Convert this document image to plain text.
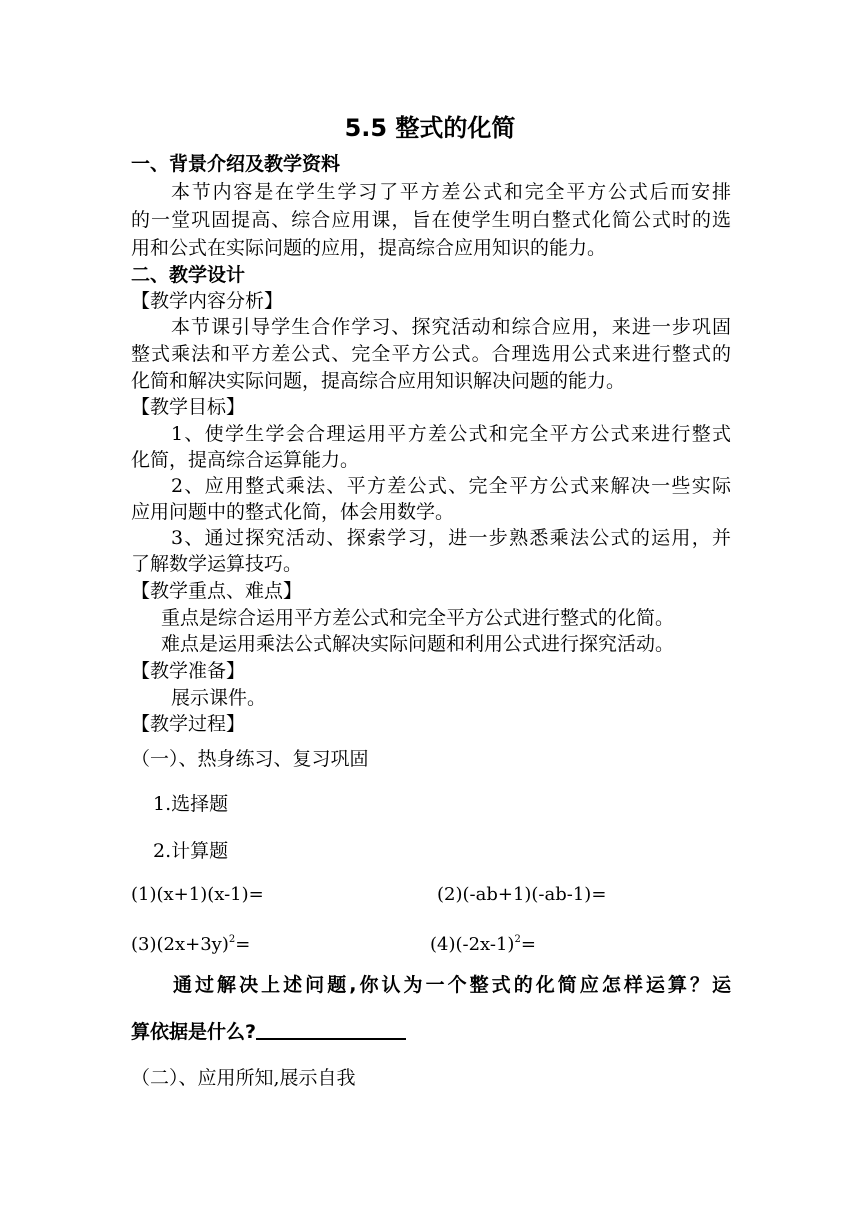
5.5 整式的化简
一、背景介绍及教学资料
本节内容是在学生学习了平方差公式和完全平方公式后而安排
的一堂巩固提高、综合应用课，旨在使学生明白整式化简公式时的选
用和公式在实际问题的应用，提高综合应用知识的能力。
二、教学设计
【教学内容分析】
本节课引导学生合作学习、探究活动和综合应用，来进一步巩固
整式乘法和平方差公式、完全平方公式。合理选用公式来进行整式的
化简和解决实际问题，提高综合应用知识解决问题的能力。
【教学目标】
1、使学生学会合理运用平方差公式和完全平方公式来进行整式
化简，提高综合运算能力。
2、应用整式乘法、平方差公式、完全平方公式来解决一些实际
应用问题中的整式化简，体会用数学。
3、通过探究活动、探索学习，进一步熟悉乘法公式的运用，并
了解数学运算技巧。
【教学重点、难点】
重点是综合运用平方差公式和完全平方公式进行整式的化简。
难点是运用乘法公式解决实际问题和利用公式进行探究活动。
【教学准备】
展示课件。
【教学过程】
（一）、热身练习、复习巩固
1.选择题
2.计算题
(1)(x+1)(x-1)=	(2)(-ab+1)(-ab-1)=
$(3)(2x+3y)^2=$	$(4)(-2x-1)^2=$
通过解决上述问题,你认为一个整式的化简应怎样运算？运
算依据是什么?
（二）、应用所知,展示自我
